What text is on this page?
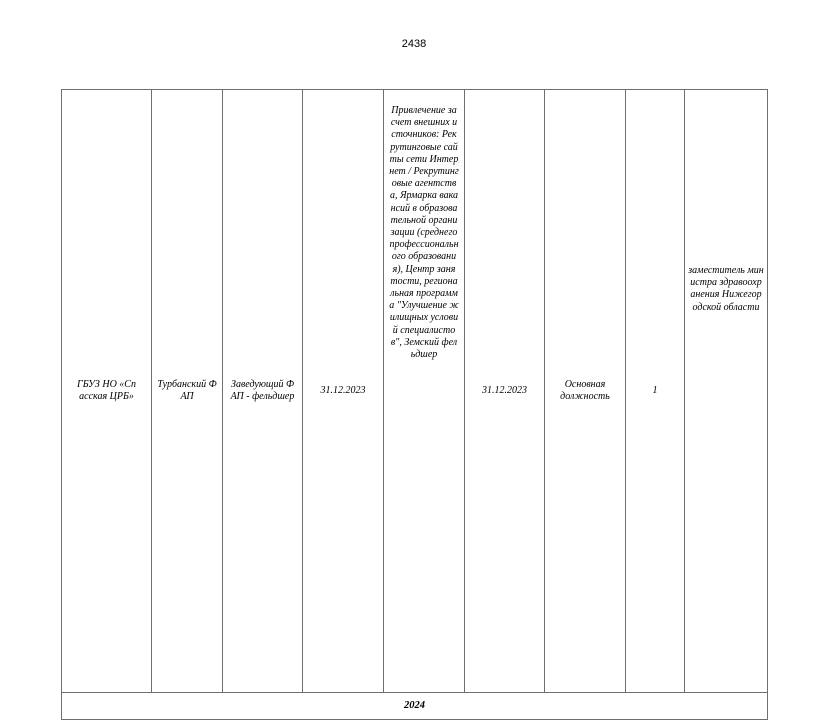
2438
ГБУЗ НО «Спасская ЦРБ»	Турбанский ФАП	Заведующий ФАП - фельдшер	31.12.2023	Привлечение за счет внешних источников: Рекрутинговые сайты сети Интернет / Рекрутинговые агентства, Ярмарка вакансий в образовательной организации (среднего профессионального образования), Центр занятости, региональная программа "Улучшение жилищных условий специалистов", Земский фельдшер	31.12.2023	Основная должность	1	заместитель министра здравоохранения Нижегородской области
2024
